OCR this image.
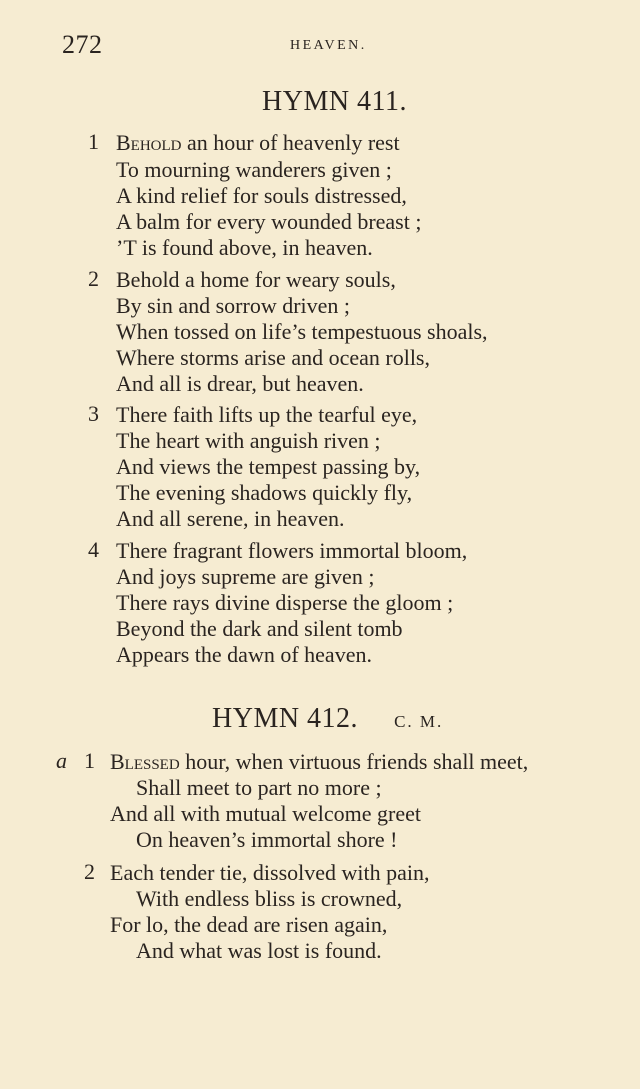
272	HEAVEN.
HYMN 411.
1 Behold an hour of heavenly rest
To mourning wanderers given ;
A kind relief for souls distressed,
A balm for every wounded breast ;
’T is found above, in heaven.
2 Behold a home for weary souls,
By sin and sorrow driven ;
When tossed on life’s tempestuous shoals,
Where storms arise and ocean rolls,
And all is drear, but heaven.
3 There faith lifts up the tearful eye,
The heart with anguish riven ;
And views the tempest passing by,
The evening shadows quickly fly,
And all serene, in heaven.
4 There fragrant flowers immortal bloom,
And joys supreme are given ;
There rays divine disperse the gloom ;
Beyond the dark and silent tomb
Appears the dawn of heaven.
HYMN 412. C. M.
a 1 Blessed hour, when virtuous friends shall meet,
Shall meet to part no more ;
And all with mutual welcome greet
On heaven’s immortal shore !
2 Each tender tie, dissolved with pain,
With endless bliss is crowned,
For lo, the dead are risen again,
And what was lost is found.
